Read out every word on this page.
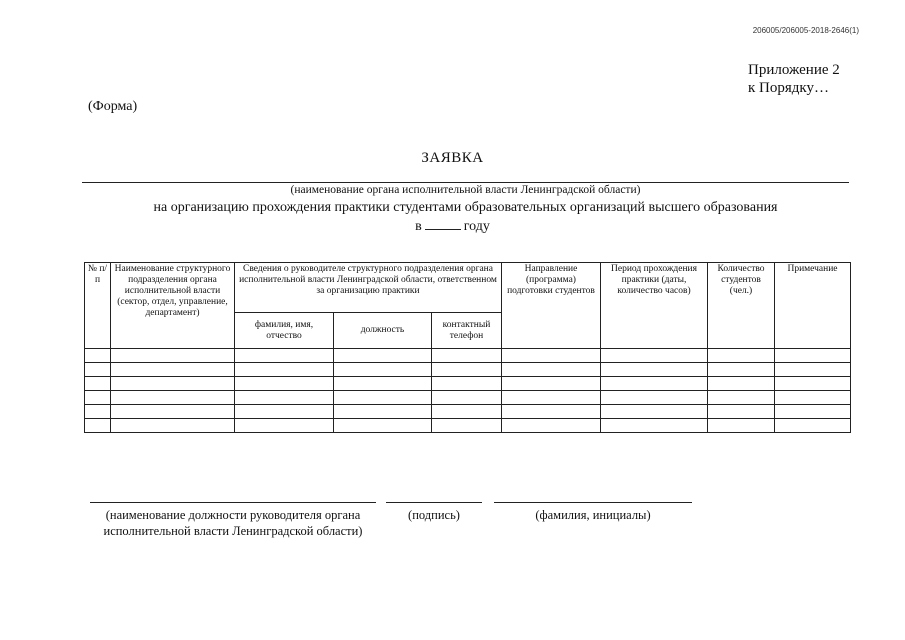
206005/206005-2018-2646(1)
Приложение 2
к Порядку…
(Форма)
ЗАЯВКА
(наименование органа исполнительной власти Ленинградской области)
на организацию прохождения практики студентами образовательных организаций высшего образования
в	году
№ п/п	Наименование структурного подразделения органа исполнительной власти (сектор, отдел, управление, департамент)	Сведения о руководителе структурного подразделения органа исполнительной власти Ленинградской области, ответственном за организацию практики			Направление (программа) подготовки студентов	Период прохождения практики (даты, количество часов)	Количество студентов (чел.)	Примечание
		фамилия, имя, отчество	должность	контактный телефон				

(наименование должности руководителя органа исполнительной власти Ленинградской области)
(подпись)	(фамилия, инициалы)
